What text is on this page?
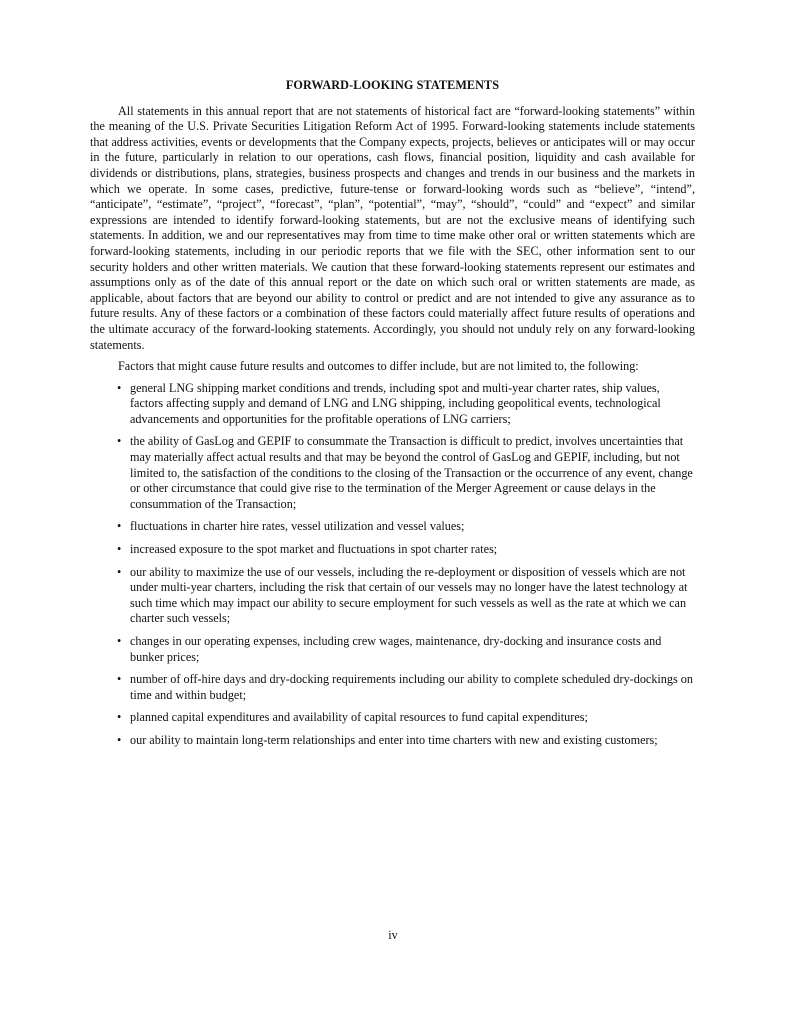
FORWARD-LOOKING STATEMENTS

All statements in this annual report that are not statements of historical fact are “forward-looking statements” within the meaning of the U.S. Private Securities Litigation Reform Act of 1995. Forward-looking statements include statements that address activities, events or developments that the Company expects, projects, believes or anticipates will or may occur in the future, particularly in relation to our operations, cash flows, financial position, liquidity and cash available for dividends or distributions, plans, strategies, business prospects and changes and trends in our business and the markets in which we operate. In some cases, predictive, future-tense or forward-looking words such as “believe”, “intend”, “anticipate”, “estimate”, “project”, “forecast”, “plan”, “potential”, “may”, “should”, “could” and “expect” and similar expressions are intended to identify forward-looking statements, but are not the exclusive means of identifying such statements. In addition, we and our representatives may from time to time make other oral or written statements which are forward-looking statements, including in our periodic reports that we file with the SEC, other information sent to our security holders and other written materials. We caution that these forward-looking statements represent our estimates and assumptions only as of the date of this annual report or the date on which such oral or written statements are made, as applicable, about factors that are beyond our ability to control or predict and are not intended to give any assurance as to future results. Any of these factors or a combination of these factors could materially affect future results of operations and the ultimate accuracy of the forward-looking statements. Accordingly, you should not unduly rely on any forward-looking statements.

Factors that might cause future results and outcomes to differ include, but are not limited to, the following:

• general LNG shipping market conditions and trends, including spot and multi-year charter rates, ship values, factors affecting supply and demand of LNG and LNG shipping, including geopolitical events, technological advancements and opportunities for the profitable operations of LNG carriers;
• the ability of GasLog and GEPIF to consummate the Transaction is difficult to predict, involves uncertainties that may materially affect actual results and that may be beyond the control of GasLog and GEPIF, including, but not limited to, the satisfaction of the conditions to the closing of the Transaction or the occurrence of any event, change or other circumstance that could give rise to the termination of the Merger Agreement or cause delays in the consummation of the Transaction;
• fluctuations in charter hire rates, vessel utilization and vessel values;
• increased exposure to the spot market and fluctuations in spot charter rates;
• our ability to maximize the use of our vessels, including the re-deployment or disposition of vessels which are not under multi-year charters, including the risk that certain of our vessels may no longer have the latest technology at such time which may impact our ability to secure employment for such vessels as well as the rate at which we can charter such vessels;
• changes in our operating expenses, including crew wages, maintenance, dry-docking and insurance costs and bunker prices;
• number of off-hire days and dry-docking requirements including our ability to complete scheduled dry-dockings on time and within budget;
• planned capital expenditures and availability of capital resources to fund capital expenditures;
• our ability to maintain long-term relationships and enter into time charters with new and existing customers;
iv
